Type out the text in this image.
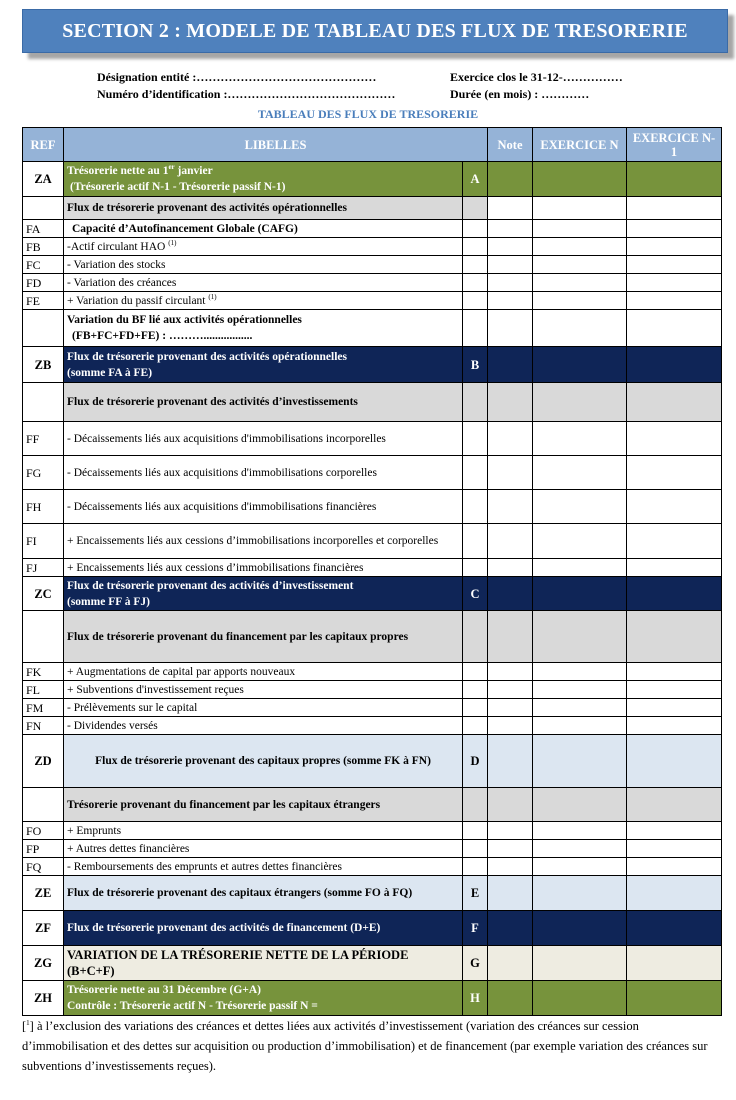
SECTION 2 : MODELE DE TABLEAU DES FLUX DE TRESORERIE
Désignation entité :………………………………………	Exercice clos le 31-12-……………
Numéro d’identification :……………………………………	Durée (en mois) : …………
TABLEAU DES FLUX DE TRESORERIE
REF	LIBELLES		Note	EXERCICE N	EXERCICE N-1
ZA	Trésorerie nette au 1er janvier
(Trésorerie actif N-1 - Trésorerie passif N-1)	A			
	Flux de trésorerie provenant des activités opérationnelles				
FA	Capacité d’Autofinancement Globale (CAFG)				
FB	-Actif circulant HAO $^{(1)}$				
FC	- Variation des stocks				
FD	- Variation des créances				
FE	+ Variation du passif circulant $^{(1)}$				
	Variation du BF lié aux activités opérationnelles
(FB+FC+FD+FE) : ……….................				
ZB	Flux de trésorerie provenant des activités opérationnelles
(somme FA à FE)	B			
	Flux de trésorerie provenant des activités d’investissements				
FF	- Décaissements liés aux acquisitions d'immobilisations incorporelles				
FG	- Décaissements liés aux acquisitions d'immobilisations corporelles				
FH	- Décaissements liés aux acquisitions d'immobilisations financières				
FI	+ Encaissements liés aux cessions d’immobilisations incorporelles et corporelles				
FJ	+ Encaissements liés aux cessions d’immobilisations financières				
ZC	Flux de trésorerie provenant des activités d’investissement
(somme FF à FJ)	C			
	Flux de trésorerie provenant du financement par les capitaux propres				
FK	+ Augmentations de capital par apports nouveaux				
FL	+ Subventions d'investissement reçues				
FM	- Prélèvements sur le capital				
FN	- Dividendes versés				
ZD	Flux de trésorerie provenant des capitaux propres (somme FK à FN)	D			
	Trésorerie provenant du financement par les capitaux étrangers				
FO	+ Emprunts				
FP	+ Autres dettes financières				
FQ	- Remboursements des emprunts et autres dettes financières				
ZE	Flux de trésorerie provenant des capitaux étrangers (somme FO à FQ)	E			
ZF	Flux de trésorerie provenant des activités de financement (D+E)	F			
ZG	VARIATION DE LA TRÉSORERIE NETTE DE LA PÉRIODE (B+C+F)	G			
ZH	Trésorerie nette au 31 Décembre (G+A)
Contrôle : Trésorerie actif N - Trésorerie passif N =	H			
[$^1$] à l’exclusion des variations des créances et dettes liées aux activités d’investissement (variation des créances sur cession d’immobilisation et des dettes sur acquisition ou production d’immobilisation) et de financement (par exemple variation des créances sur subventions d’investissements reçues).
